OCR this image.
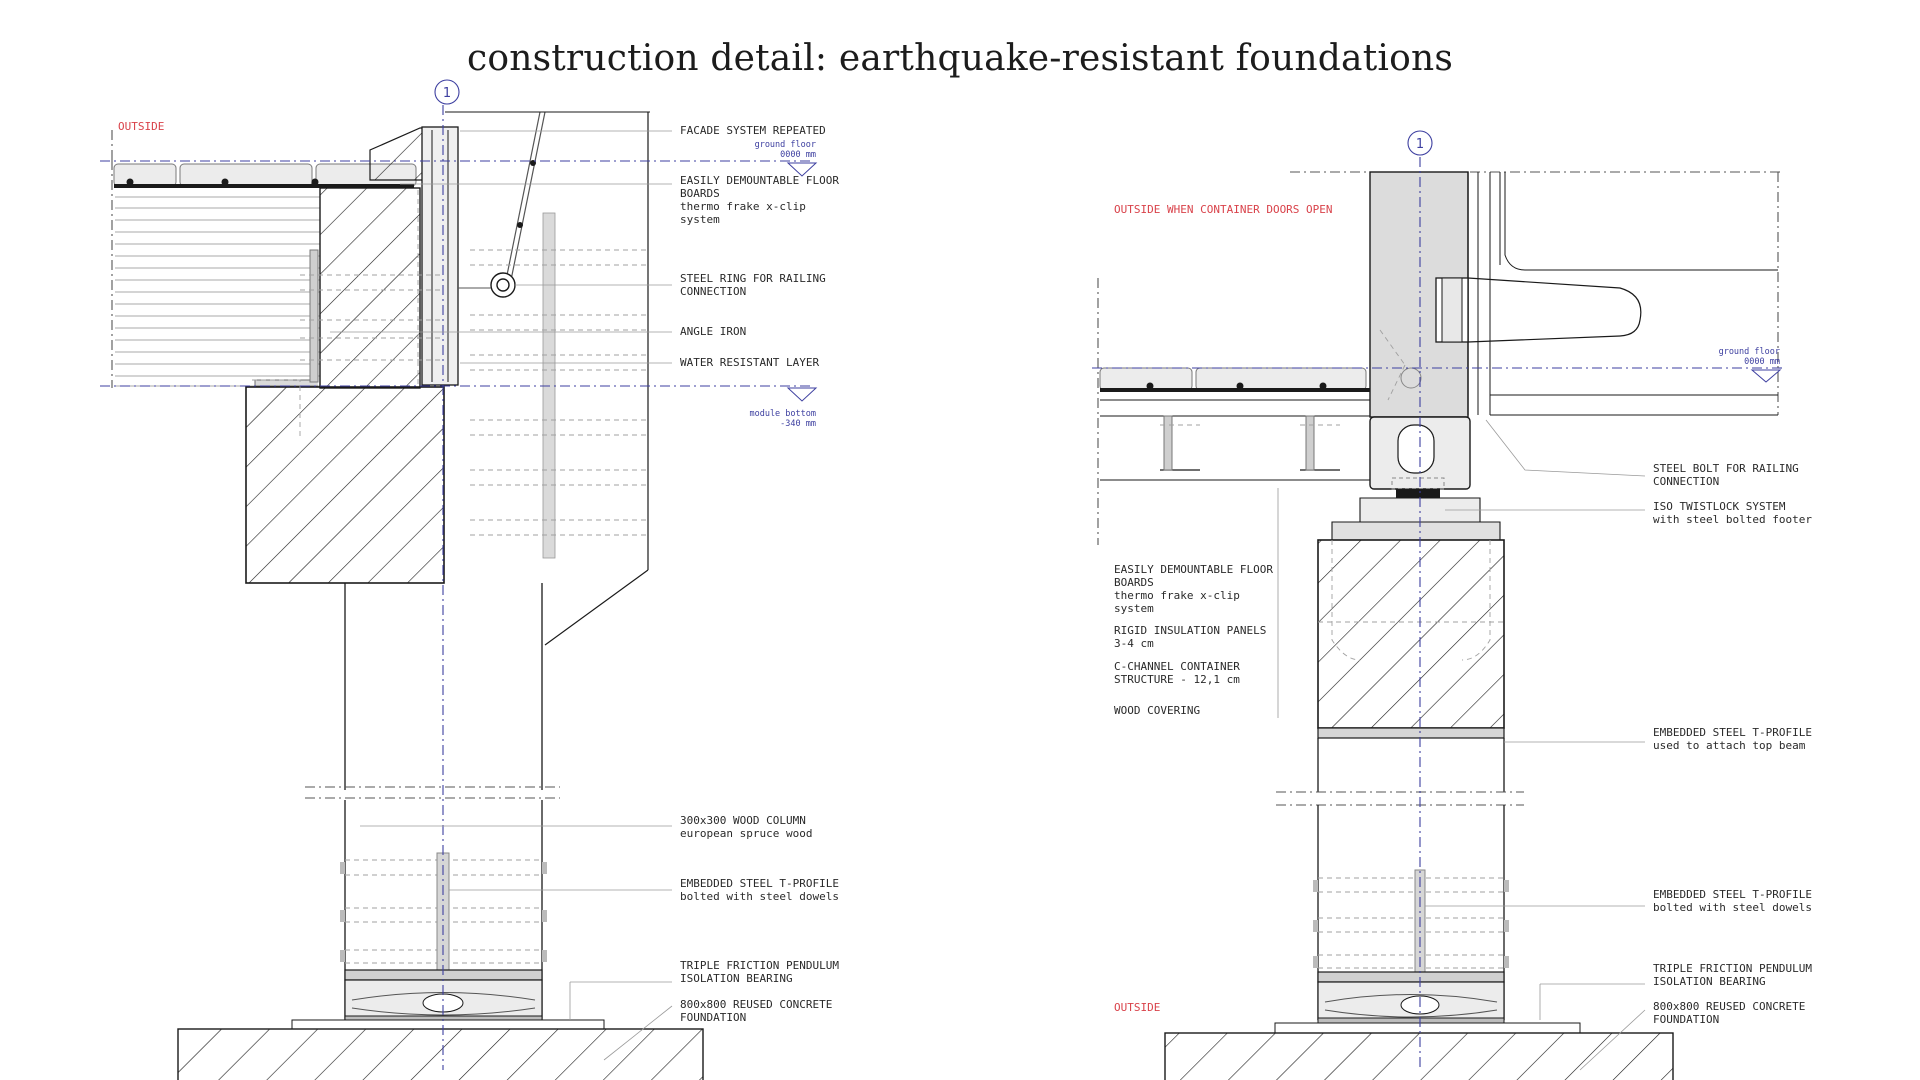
construction detail: earthquake-resistant foundations
1
ground floor
0000 mm
module bottom
-340 mm
OUTSIDE	FACADE SYSTEM REPEATED
EASILY DEMOUNTABLE FLOOR
BOARDS
thermo frake x-clip
system
STEEL RING FOR RAILING
CONNECTION
ANGLE IRON
WATER RESISTANT LAYER
300x300 WOOD COLUMN
european spruce wood
EMBEDDED STEEL T-PROFILE
bolted with steel dowels
TRIPLE FRICTION PENDULUM
ISOLATION BEARING
800x800 REUSED CONCRETE
FOUNDATION
1
ground floor
0000 mm
OUTSIDE WHEN CONTAINER DOORS OPEN
OUTSIDE
EASILY DEMOUNTABLE FLOOR
BOARDS
thermo frake x-clip
system
RIGID INSULATION PANELS
3-4 cm
C-CHANNEL CONTAINER
STRUCTURE - 12,1 cm
WOOD COVERING
STEEL BOLT FOR RAILING
CONNECTION
ISO TWISTLOCK SYSTEM
with steel bolted footer
EMBEDDED STEEL T-PROFILE
used to attach top beam
EMBEDDED STEEL T-PROFILE
bolted with steel dowels
TRIPLE FRICTION PENDULUM
ISOLATION BEARING
800x800 REUSED CONCRETE
FOUNDATION
